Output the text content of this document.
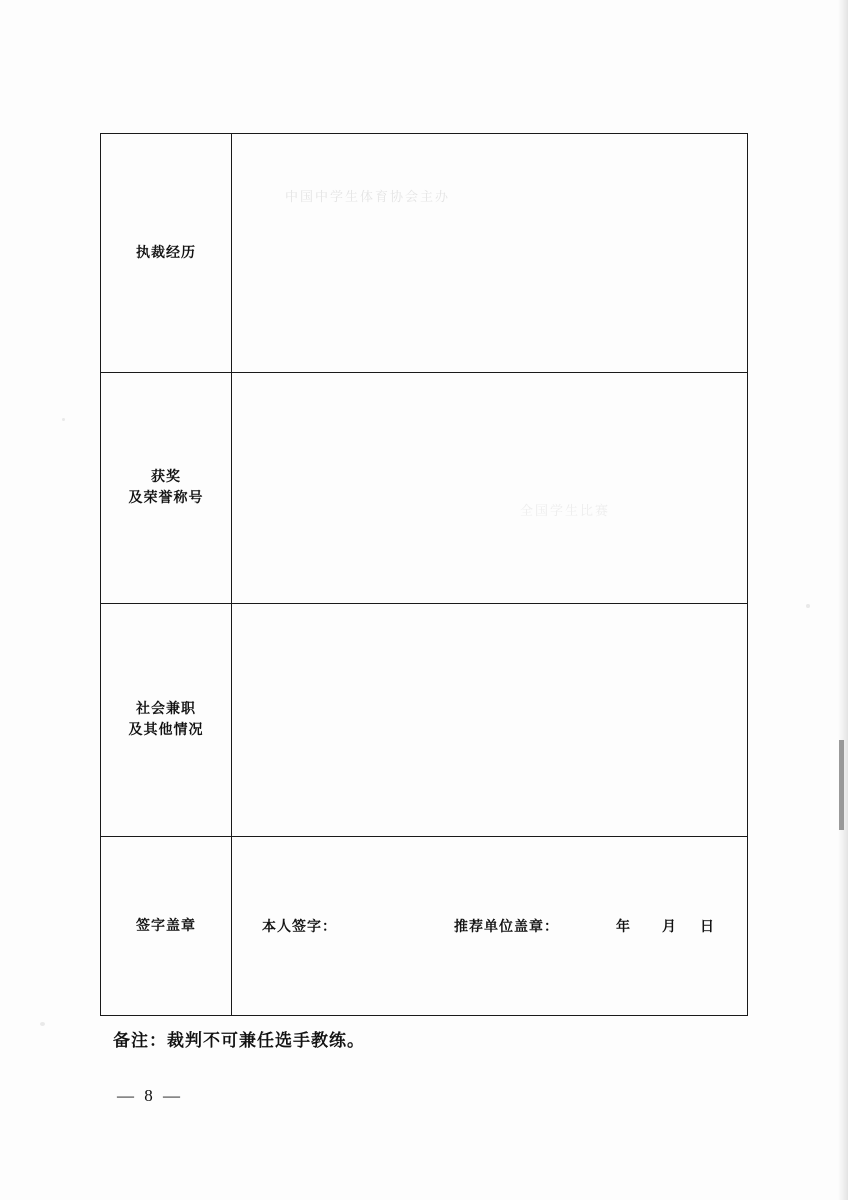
中国中学生体育协会主办
全国学生比赛
执裁经历	

获奖
及荣誉称号	

社会兼职
及其他情况	

签字盖章	本人签字： 推荐单位盖章： 年 月 日
备注：裁判不可兼任选手教练。
— 8 —
